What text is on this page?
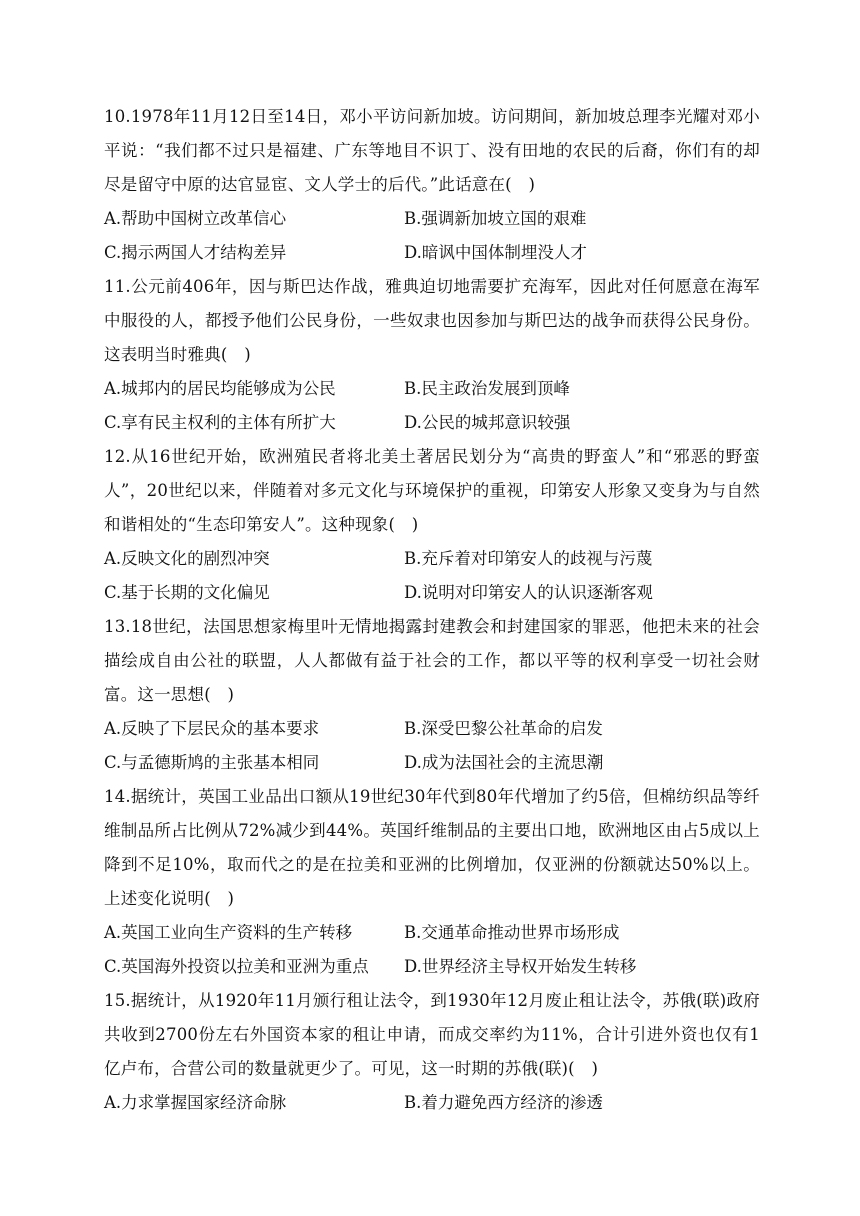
10.1978年11月12日至14日，邓小平访问新加坡。访问期间，新加坡总理李光耀对邓小平说：“我们都不过只是福建、广东等地目不识丁、没有田地的农民的后裔，你们有的却尽是留守中原的达官显宦、文人学士的后代。”此话意在(　)

A.帮助中国树立改革信心	B.强调新加坡立国的艰难
C.揭示两国人才结构差异	D.暗讽中国体制埋没人才

11.公元前406年，因与斯巴达作战，雅典迫切地需要扩充海军，因此对任何愿意在海军中服役的人，都授予他们公民身份，一些奴隶也因参加与斯巴达的战争而获得公民身份。这表明当时雅典(　)

A.城邦内的居民均能够成为公民	B.民主政治发展到顶峰
C.享有民主权利的主体有所扩大	D.公民的城邦意识较强

12.从16世纪开始，欧洲殖民者将北美土著居民划分为“高贵的野蛮人”和“邪恶的野蛮人”，20世纪以来，伴随着对多元文化与环境保护的重视，印第安人形象又变身为与自然和谐相处的“生态印第安人”。这种现象(　)

A.反映文化的剧烈冲突	B.充斥着对印第安人的歧视与污蔑
C.基于长期的文化偏见	D.说明对印第安人的认识逐渐客观

13.18世纪，法国思想家梅里叶无情地揭露封建教会和封建国家的罪恶，他把未来的社会描绘成自由公社的联盟，人人都做有益于社会的工作，都以平等的权利享受一切社会财富。这一思想(　)

A.反映了下层民众的基本要求	B.深受巴黎公社革命的启发
C.与孟德斯鸠的主张基本相同	D.成为法国社会的主流思潮

14.据统计，英国工业品出口额从19世纪30年代到80年代增加了约5倍，但棉纺织品等纤维制品所占比例从72%减少到44%。英国纤维制品的主要出口地，欧洲地区由占5成以上降到不足10%，取而代之的是在拉美和亚洲的比例增加，仅亚洲的份额就达50%以上。上述变化说明(　)

A.英国工业向生产资料的生产转移	B.交通革命推动世界市场形成
C.英国海外投资以拉美和亚洲为重点	D.世界经济主导权开始发生转移

15.据统计，从1920年11月颁行租让法令，到1930年12月废止租让法令，苏俄(联)政府共收到2700份左右外国资本家的租让申请，而成交率约为11%，合计引进外资也仅有1亿卢布，合营公司的数量就更少了。可见，这一时期的苏俄(联)(　)

A.力求掌握国家经济命脉	B.着力避免西方经济的渗透
